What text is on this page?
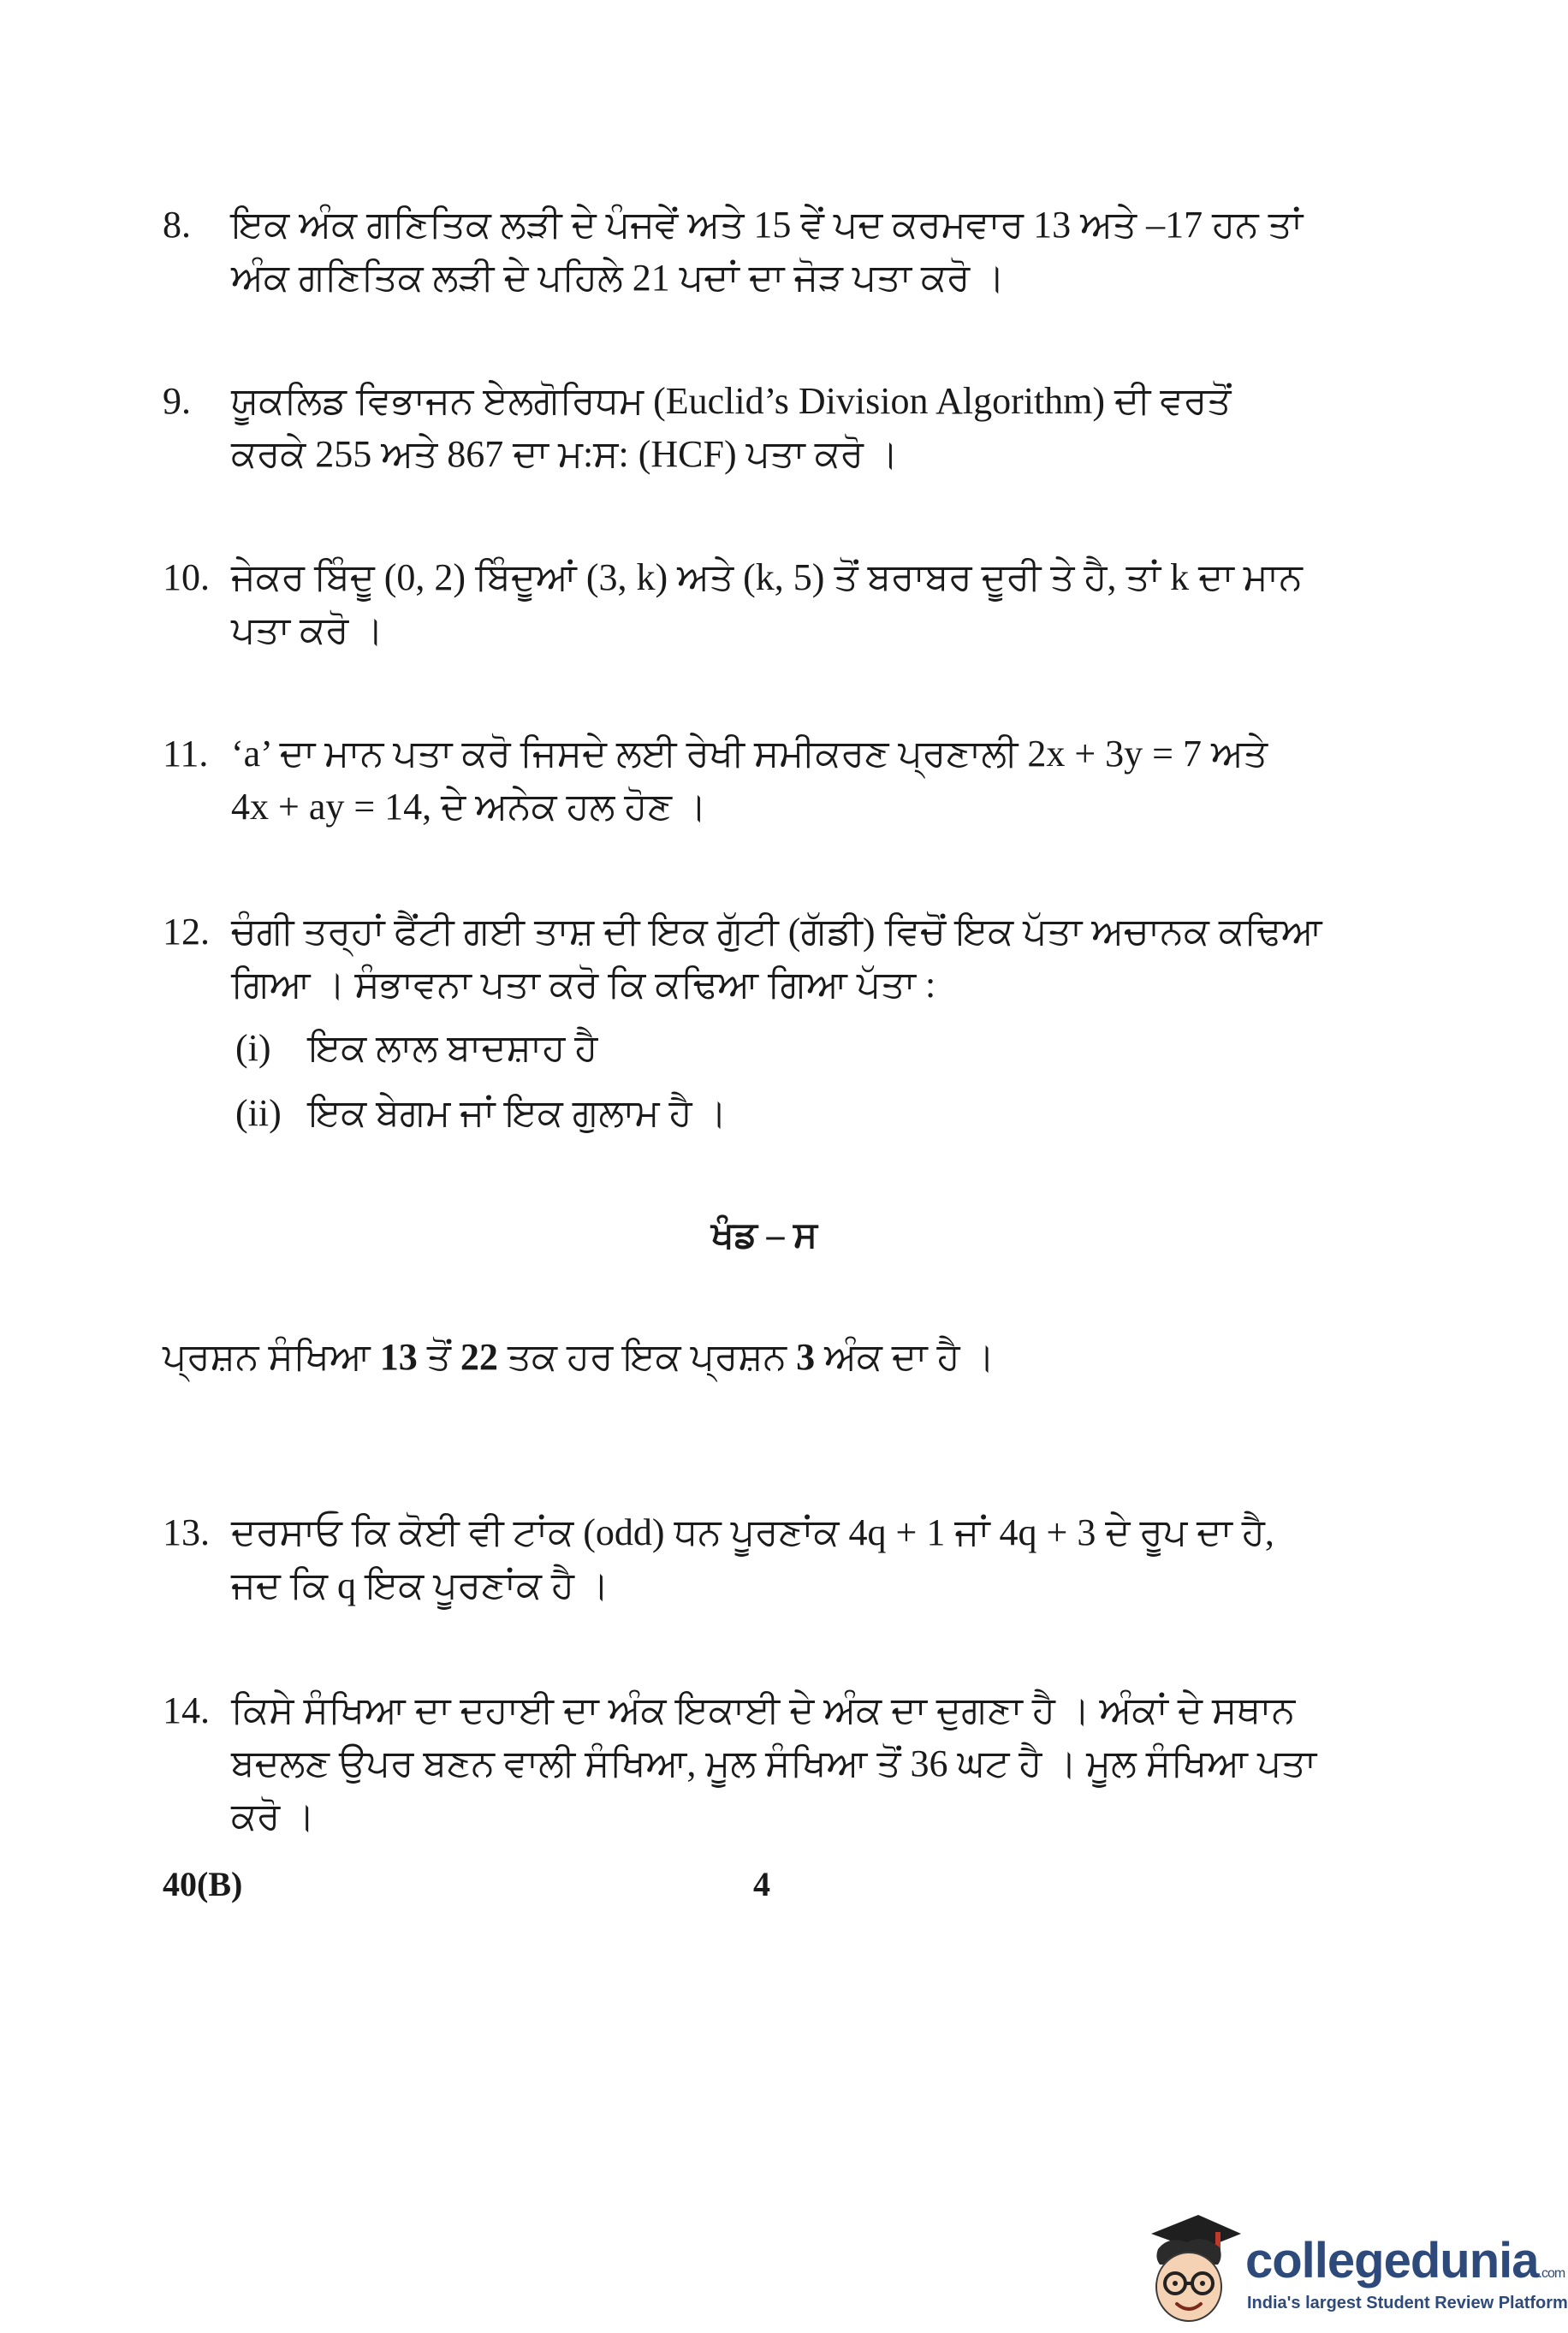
8.	ਇਕ ਅੰਕ ਗਣਿਤਿਕ ਲੜੀ ਦੇ ਪੰਜਵੇਂ ਅਤੇ 15 ਵੇਂ ਪਦ ਕਰਮਵਾਰ 13 ਅਤੇ –17 ਹਨ ਤਾਂ
ਅੰਕ ਗਣਿਤਿਕ ਲੜੀ ਦੇ ਪਹਿਲੇ 21 ਪਦਾਂ ਦਾ ਜੋੜ ਪਤਾ ਕਰੋ ।
9.	ਯੂਕਲਿਡ ਵਿਭਾਜਨ ਏਲਗੋਰਿਧਮ (Euclid’s Division Algorithm) ਦੀ ਵਰਤੋਂ
ਕਰਕੇ 255 ਅਤੇ 867 ਦਾ ਮ:ਸ: (HCF) ਪਤਾ ਕਰੋ ।
10. ਜੇਕਰ ਬਿੰਦੂ (0, 2) ਬਿੰਦੂਆਂ (3, k) ਅਤੇ (k, 5) ਤੋਂ ਬਰਾਬਰ ਦੂਰੀ ਤੇ ਹੈ, ਤਾਂ k ਦਾ ਮਾਨ
ਪਤਾ ਕਰੋ ।
11. ‘a’ ਦਾ ਮਾਨ ਪਤਾ ਕਰੋ ਜਿਸਦੇ ਲਈ ਰੇਖੀ ਸਮੀਕਰਣ ਪ੍ਰਣਾਲੀ 2x + 3y = 7 ਅਤੇ
4x + ay = 14, ਦੇ ਅਨੇਕ ਹਲ ਹੋਣ ।
12. ਚੰਗੀ ਤਰ੍ਹਾਂ ਫੈਂਟੀ ਗਈ ਤਾਸ਼ ਦੀ ਇਕ ਗੁੱਟੀ (ਗੱਡੀ) ਵਿਚੋਂ ਇਕ ਪੱਤਾ ਅਚਾਨਕ ਕਢਿਆ
ਗਿਆ । ਸੰਭਾਵਨਾ ਪਤਾ ਕਰੋ ਕਿ ਕਢਿਆ ਗਿਆ ਪੱਤਾ :
(i) ਇਕ ਲਾਲ ਬਾਦਸ਼ਾਹ ਹੈ
(ii) ਇਕ ਬੇਗਮ ਜਾਂ ਇਕ ਗੁਲਾਮ ਹੈ ।
ਖੰਡ – ਸ
ਪ੍ਰਸ਼ਨ ਸੰਖਿਆ 13 ਤੋਂ 22 ਤਕ ਹਰ ਇਕ ਪ੍ਰਸ਼ਨ 3 ਅੰਕ ਦਾ ਹੈ ।
13. ਦਰਸਾਓ ਕਿ ਕੋਈ ਵੀ ਟਾਂਕ (odd) ਧਨ ਪੂਰਣਾਂਕ 4q + 1 ਜਾਂ 4q + 3 ਦੇ ਰੂਪ ਦਾ ਹੈ,
ਜਦ ਕਿ q ਇਕ ਪੂਰਣਾਂਕ ਹੈ ।
14. ਕਿਸੇ ਸੰਖਿਆ ਦਾ ਦਹਾਈ ਦਾ ਅੰਕ ਇਕਾਈ ਦੇ ਅੰਕ ਦਾ ਦੁਗਣਾ ਹੈ । ਅੰਕਾਂ ਦੇ ਸਥਾਨ
ਬਦਲਣ ਉਪਰ ਬਣਨ ਵਾਲੀ ਸੰਖਿਆ, ਮੂਲ ਸੰਖਿਆ ਤੋਂ 36 ਘਟ ਹੈ । ਮੂਲ ਸੰਖਿਆ ਪਤਾ
ਕਰੋ ।
40(B)	4
collegedunia.com
India's largest Student Review Platform
